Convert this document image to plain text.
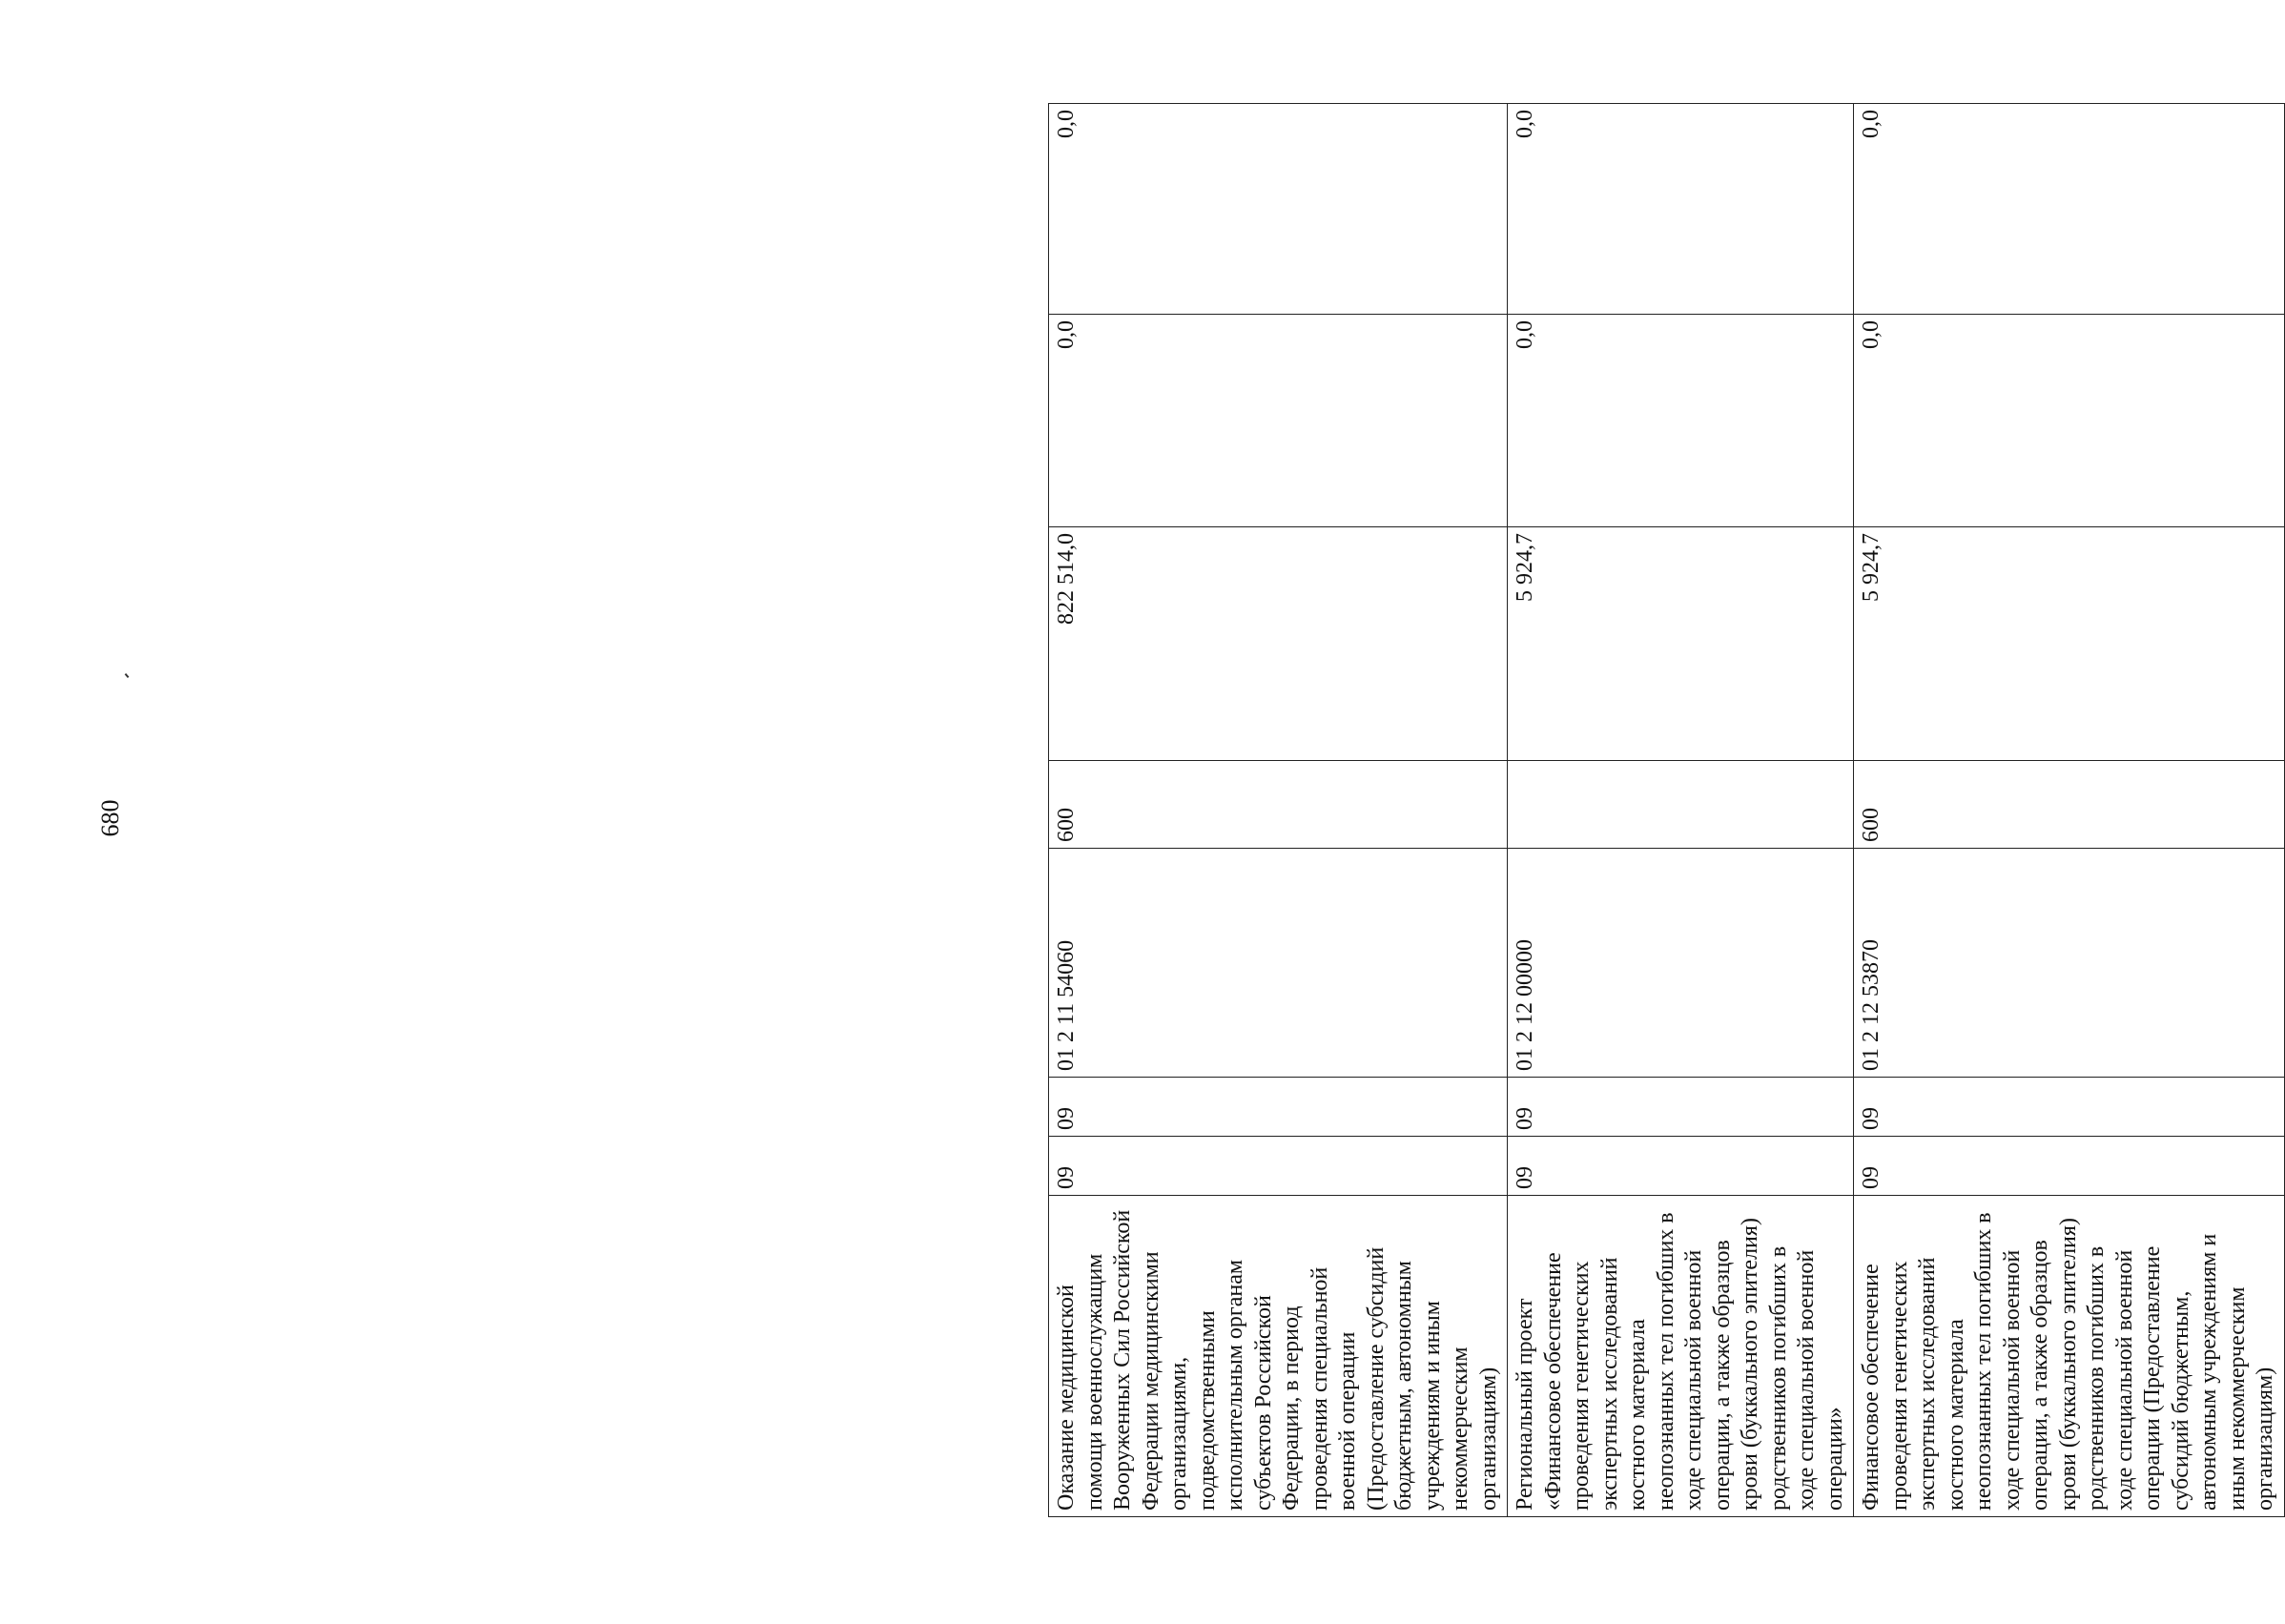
680
Оказание медицинской помощи военнослужащим Вооруженных Сил Российской Федерации медицинскими организациями, подведомственными исполнительным органам субъектов Российской Федерации, в период проведения специальной военной операции (Предоставление субсидий бюджетным, автономным учреждениям и иным некоммерческим организациям)	09	09	01 2 11 54060	600	822 514,0	0,0	0,0
Региональный проект «Финансовое обеспечение проведения генетических экспертных исследований костного материала неопознанных тел погибших в ходе специальной военной операции, а также образцов крови (буккального эпителия) родственников погибших в ходе специальной военной операции»	09	09	01 2 12 00000		5 924,7	0,0	0,0
Финансовое обеспечение проведения генетических экспертных исследований костного материала неопознанных тел погибших в ходе специальной военной операции, а также образцов крови (буккального эпителия) родственников погибших в ходе специальной военной операции (Предоставление субсидий бюджетным, автономным учреждениям и иным некоммерческим организациям)	09	09	01 2 12 53870	600	5 924,7	0,0	0,0
